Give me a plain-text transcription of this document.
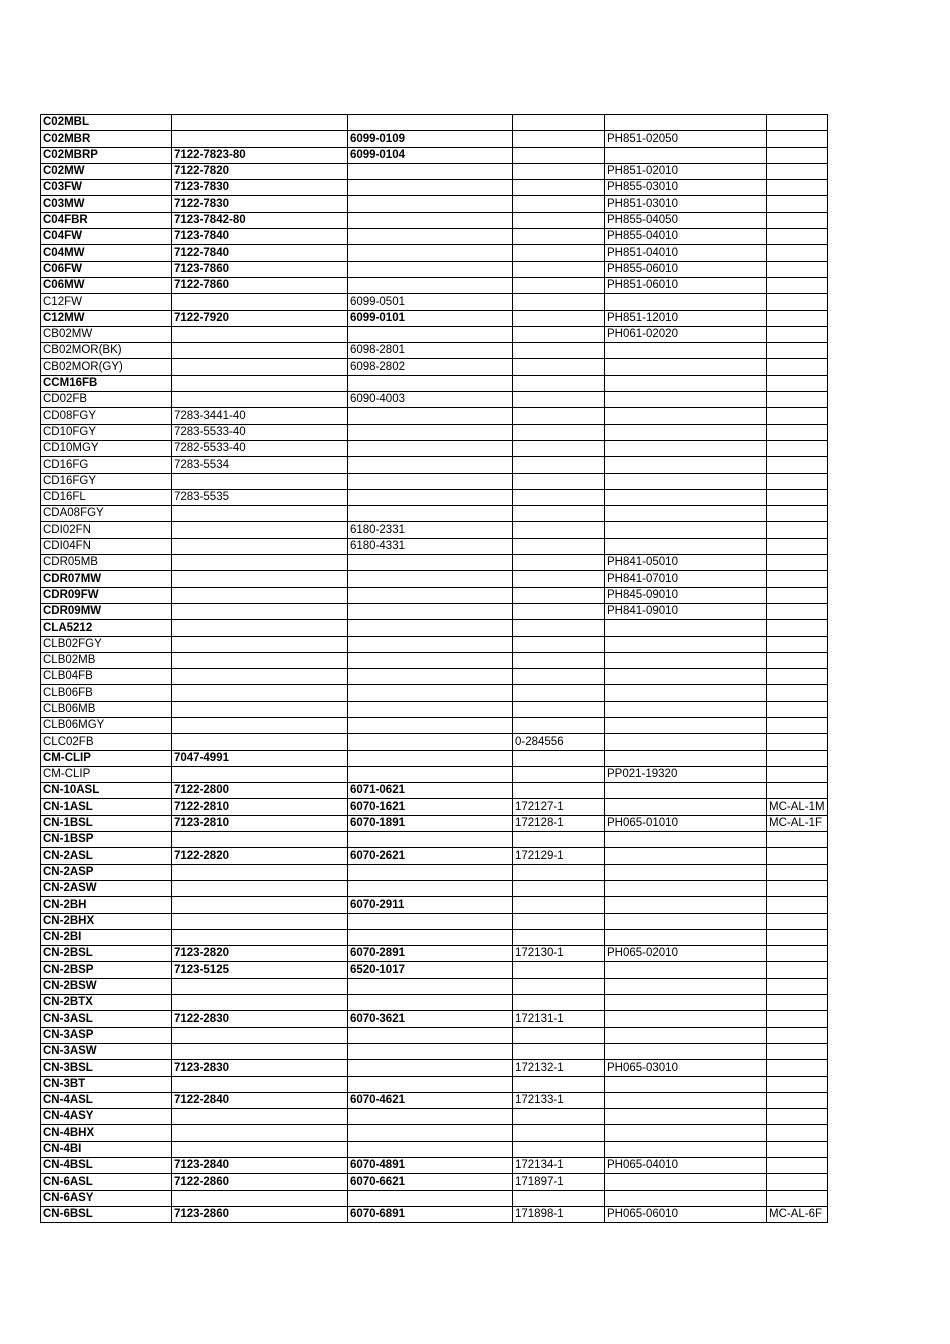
C02MBL					
C02MBR		6099-0109		PH851-02050	
C02MBRP	7122-7823-80	6099-0104			
C02MW	7122-7820			PH851-02010	
C03FW	7123-7830			PH855-03010	
C03MW	7122-7830			PH851-03010	
C04FBR	7123-7842-80			PH855-04050	
C04FW	7123-7840			PH855-04010	
C04MW	7122-7840			PH851-04010	
C06FW	7123-7860			PH855-06010	
C06MW	7122-7860			PH851-06010	
C12FW		6099-0501			
C12MW	7122-7920	6099-0101		PH851-12010	
CB02MW				PH061-02020	
CB02MOR(BK)		6098-2801			
CB02MOR(GY)		6098-2802			
CCM16FB					
CD02FB		6090-4003			
CD08FGY	7283-3441-40				
CD10FGY	7283-5533-40				
CD10MGY	7282-5533-40				
CD16FG	7283-5534				
CD16FGY					
CD16FL	7283-5535				
CDA08FGY					
CDI02FN		6180-2331			
CDI04FN		6180-4331			
CDR05MB				PH841-05010	
CDR07MW				PH841-07010	
CDR09FW				PH845-09010	
CDR09MW				PH841-09010	
CLA5212					
CLB02FGY					
CLB02MB					
CLB04FB					
CLB06FB					
CLB06MB					
CLB06MGY					
CLC02FB			0-284556		
CM-CLIP	7047-4991				
CM-CLIP				PP021-19320	
CN-10ASL	7122-2800	6071-0621			
CN-1ASL	7122-2810	6070-1621	172127-1		MC-AL-1M
CN-1BSL	7123-2810	6070-1891	172128-1	PH065-01010	MC-AL-1F
CN-1BSP					
CN-2ASL	7122-2820	6070-2621	172129-1		
CN-2ASP					
CN-2ASW					
CN-2BH		6070-2911			
CN-2BHX					
CN-2BI					
CN-2BSL	7123-2820	6070-2891	172130-1	PH065-02010	
CN-2BSP	7123-5125	6520-1017			
CN-2BSW					
CN-2BTX					
CN-3ASL	7122-2830	6070-3621	172131-1		
CN-3ASP					
CN-3ASW					
CN-3BSL	7123-2830		172132-1	PH065-03010	
CN-3BT					
CN-4ASL	7122-2840	6070-4621	172133-1		
CN-4ASY					
CN-4BHX					
CN-4BI					
CN-4BSL	7123-2840	6070-4891	172134-1	PH065-04010	
CN-6ASL	7122-2860	6070-6621	171897-1		
CN-6ASY					
CN-6BSL	7123-2860	6070-6891	171898-1	PH065-06010	MC-AL-6F
